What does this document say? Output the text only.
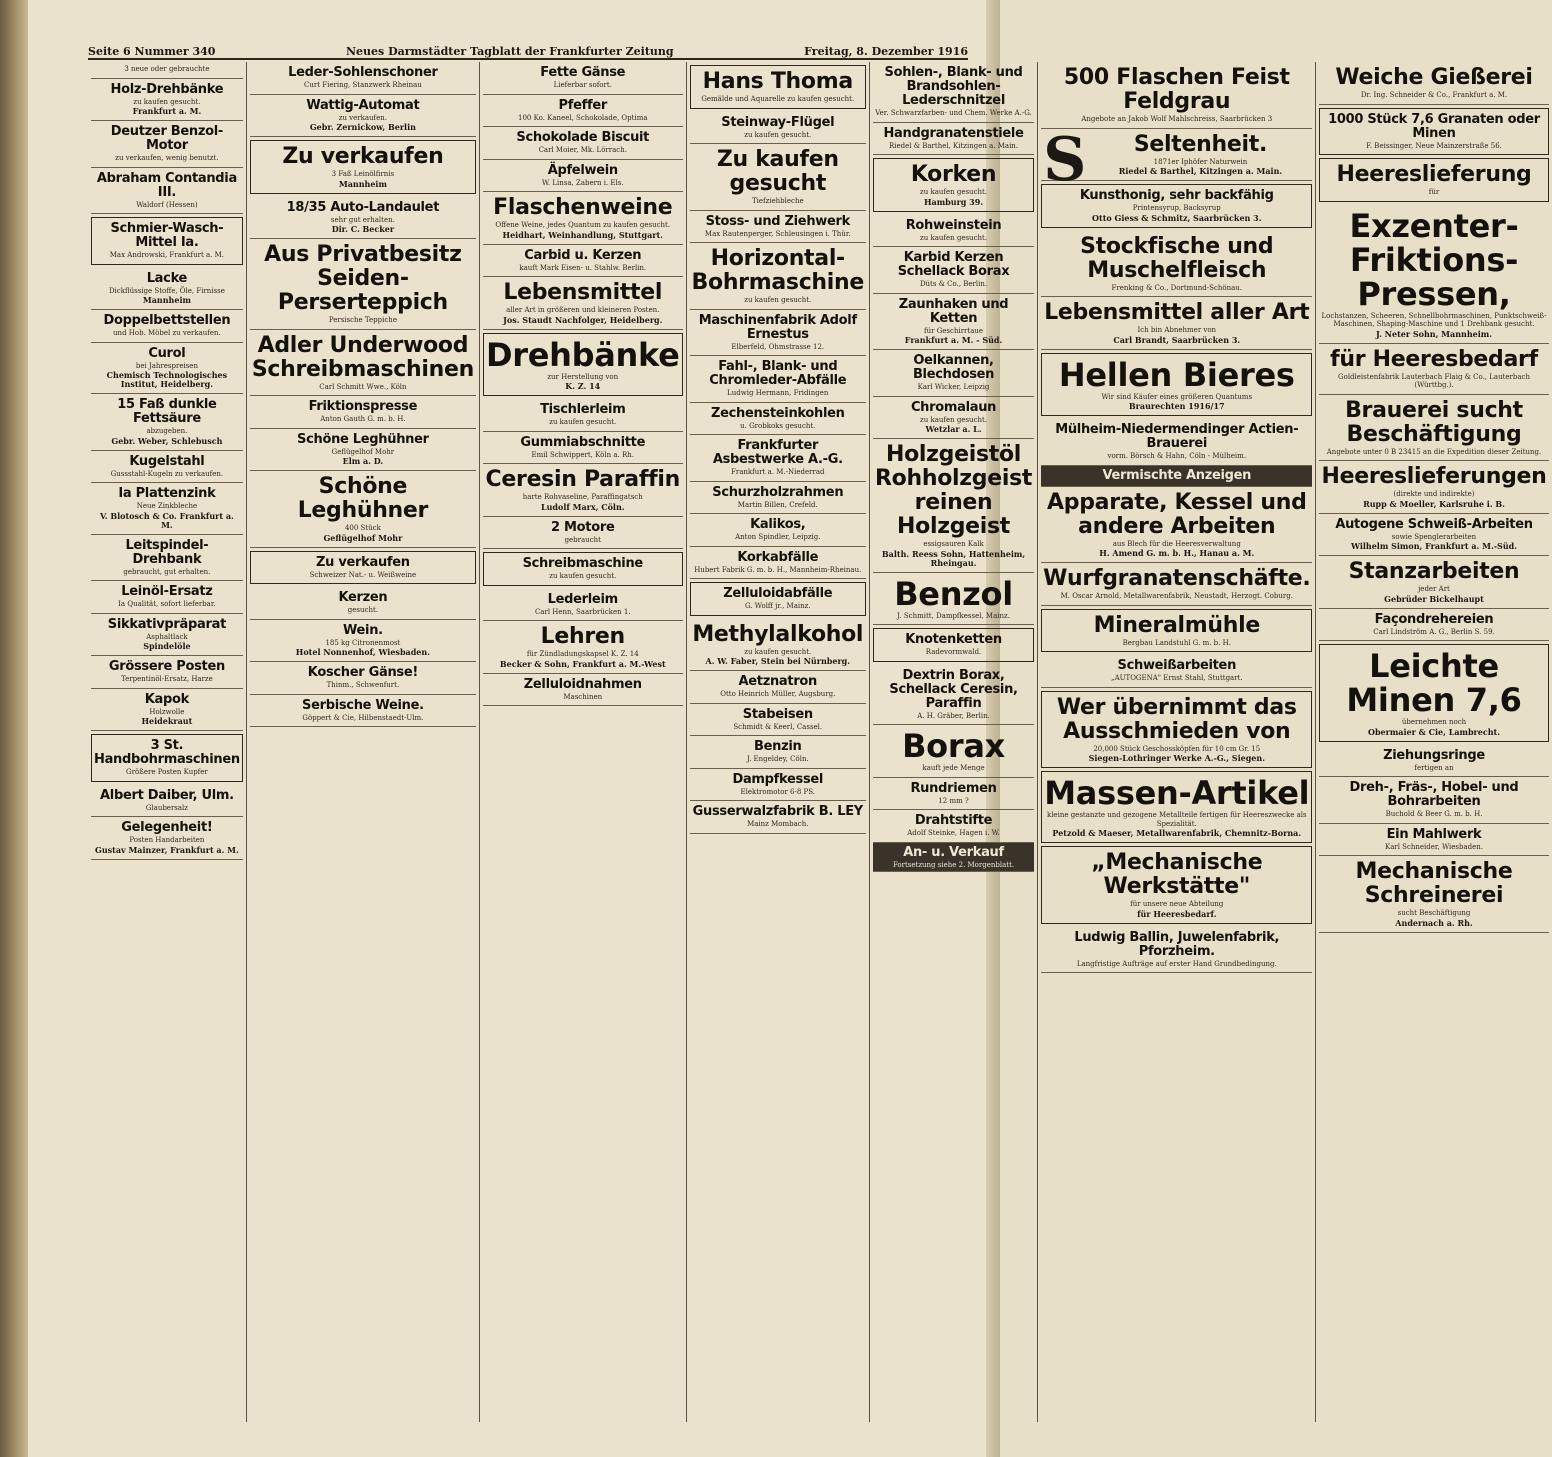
Seite 6 Nummer 340	Neues Darmstädter Tagblatt der Frankfurter Zeitung	Freitag, 8. Dezember 1916
3 neue oder gebrauchte
Holz-Drehbänke
zu kaufen gesucht.
Frankfurt a. M.
Deutzer Benzol-Motor
zu verkaufen, wenig benutzt.
Abraham Contandia III.
Waldorf (Hessen)
Schmier-Wasch-Mittel Ia.
Max Androwski, Frankfurt a. M.
Lacke
Dickflüssige Stoffe, Öle, Firnisse
Mannheim
Doppelbettstellen
und Hob. Möbel zu verkaufen.
Curol
bei Jahrespreisen
Chemisch Technologisches Institut, Heidelberg.
15 Faß dunkle Fettsäure
abzugeben.
Gebr. Weber, Schlebusch
Kugelstahl
Gussstahl-Kugeln zu verkaufen.
Ia Plattenzink
Neue Zinkbleche
V. Blotosch & Co. Frankfurt a. M.
Leitspindel-Drehbank
gebraucht, gut erhalten.
Leinöl-Ersatz
Ia Qualität, sofort lieferbar.
Sikkativpräparat
Asphaltlack
Spindelöle
Grössere Posten
Terpentinöl-Ersatz, Harze
Kapok
Holzwolle
Heidekraut
3 St. Handbohrmaschinen
Größere Posten Kupfer
Albert Daiber, Ulm.
Glaubersalz
Gelegenheit!
Posten Handarbeiten
Gustav Mainzer, Frankfurt a. M.
Leder-Sohlenschoner
Curt Fiering, Stanzwerk Rheinau
Wattig-Automat
zu verkaufen.
Gebr. Zernickow, Berlin
Zu verkaufen
3 Faß Leinölfirnis
Mannheim
18/35 Auto-Landaulet
sehr gut erhalten.
Dir. C. Becker
Aus Privatbesitz Seiden-Perserteppich
Persische Teppiche
Adler Underwood Schreibmaschinen
Carl Schmitt Wwe., Köln
Friktionspresse
Anton Gauth G. m. b. H.
Schöne Leghühner
Geflügelhof Mohr
Elm a. D.
Schöne Leghühner
400 Stück
Geflügelhof Mohr
Zu verkaufen
Schweizer Nat.- u. Weißweine
Kerzen
gesucht.
Wein.
185 kg Citronenmost
Hotel Nonnenhof, Wiesbaden.
Koscher Gänse!
Thinm., Schwenfurt.
Serbische Weine.
Göppert & Cie, Hilbenstaedt-Ulm.
Fette Gänse
Lieferbar sofort.
Pfeffer
100 Ko. Kaneel, Schokolade, Optima
Schokolade Biscuit
Carl Moier, Mk. Lörrach.
Äpfelwein
W. Linsa, Zabern i. Els.
Flaschenweine
Offene Weine, jedes Quantum zu kaufen gesucht.
Heidhart, Weinhandlung, Stuttgart.
Carbid u. Kerzen
kauft Mark Eisen- u. Stahlw. Berlin.
Lebensmittel
aller Art in größeren und kleineren Posten.
Jos. Staudt Nachfolger, Heidelberg.
Drehbänke
zur Herstellung von
K. Z. 14
Tischlerleim
zu kaufen gesucht.
Gummiabschnitte
Emil Schwippert, Köln a. Rh.
Ceresin Paraffin
harte Rohvaseline, Paraffingatsch
Ludolf Marx, Cöln.
2 Motore
gebraucht
Schreibmaschine
zu kaufen gesucht.
Lederleim
Carl Henn, Saarbrücken 1.
Lehren
für Zündladungskapsel K. Z. 14
Becker & Sohn, Frankfurt a. M.-West
Zelluloidnahmen
Maschinen
Hans Thoma
Gemälde und Aquarelle zu kaufen gesucht.
Steinway-Flügel
zu kaufen gesucht.
Zu kaufen gesucht
Tiefziehbleche
Stoss- und Ziehwerk
Max Rautenperger, Schleusingen i. Thür.
Horizontal-Bohrmaschine
zu kaufen gesucht.
Maschinenfabrik Adolf Ernestus
Elberfeld, Ohmstrasse 12.
Fahl-, Blank- und Chromleder-Abfälle
Ludwig Hermann, Fridingen
Zechensteinkohlen
u. Grobkoks gesucht.
Frankfurter Asbestwerke A.-G.
Frankfurt a. M.-Niederrad
Schurzholzrahmen
Martin Billen, Crefeld.
Kalikos,
Anton Spindler, Leipzig.
Korkabfälle
Hubert Fabrik G. m. b. H., Mannheim-Rheinau.
Zelluloidabfälle
G. Wolff jr., Mainz.
Methylalkohol
zu kaufen gesucht.
A. W. Faber, Stein bei Nürnberg.
Aetznatron
Otto Heinrich Müller, Augsburg.
Stabeisen
Schmidt & Keerl, Cassel.
Benzin
J. Engeldey, Cöln.
Dampfkessel
Elektromotor 6-8 PS.
Gusserwalzfabrik B. LEY
Mainz Mombach.
Sohlen-, Blank- und Brandsohlen-Lederschnitzel
Ver. Schwarzfarben- und Chem. Werke A.-G.
Handgranatenstiele
Riedel & Barthel, Kitzingen a. Main.
Korken
zu kaufen gesucht.
Hamburg 39.
Rohweinstein
zu kaufen gesucht.
Karbid Kerzen Schellack Borax
Düts & Co., Berlin.
Zaunhaken und Ketten
für Geschirrtaue
Frankfurt a. M. - Süd.
Oelkannen, Blechdosen
Karl Wicker, Leipzig
Chromalaun
zu kaufen gesucht.
Wetzlar a. L.
Holzgeistöl Rohholzgeist reinen Holzgeist
essigsauren Kalk
Balth. Reess Sohn, Hattenheim, Rheingau.
Benzol
J. Schmitt, Dampfkessel, Mainz.
Knotenketten
Radevormwald.
Dextrin Borax, Schellack Ceresin, Paraffin
A. H. Gräber, Berlin.
Borax
kauft jede Menge
Rundriemen
12 mm ?
Drahtstifte
Adolf Steinke, Hagen i. W.
An- u. Verkauf
Fortsetzung siehe 2. Morgenblatt.
500 Flaschen Feist Feldgrau
Angebote an Jakob Wolf Mahlschreiss, Saarbrücken 3
S	Seltenheit.
1871er Iphöfer Naturwein
Riedel & Barthel, Kitzingen a. Main.
Kunsthonig, sehr backfähig
Printensyrup, Backsyrup
Otto Giess & Schmitz, Saarbrücken 3.
Stockfische und Muschelfleisch
Frenking & Co., Dortmund-Schönau.
Lebensmittel aller Art
Ich bin Abnehmer von
Carl Brandt, Saarbrücken 3.
Hellen Bieres
Wir sind Käufer eines größeren Quantums
Braurechten 1916/17
Mülheim-Niedermendinger Actien-Brauerei
vorm. Börsch & Hahn, Cöln - Mülheim.
Vermischte Anzeigen
Apparate, Kessel und andere Arbeiten
aus Blech für die Heeresverwaltung
H. Amend G. m. b. H., Hanau a. M.
Wurfgranatenschäfte.
M. Oscar Arnold, Metallwarenfabrik, Neustadt, Herzogt. Coburg.
Mineralmühle
Bergbau Landstuhl G. m. b. H.
Schweißarbeiten
„AUTOGENA" Ernst Stahl, Stuttgart.
Wer übernimmt das Ausschmieden von
20,000 Stück Geschossköpfen für 10 cm Gr. 15
Siegen-Lothringer Werke A.-G., Siegen.
Massen-Artikel
kleine gestanzte und gezogene Metallteile fertigen für Heereszwecke als Spezialität.
Petzold & Maeser, Metallwarenfabrik, Chemnitz-Borna.
„Mechanische Werkstätte"
für unsere neue Abteilung
für Heeresbedarf.
Ludwig Ballin, Juwelenfabrik, Pforzheim.
Langfristige Aufträge auf erster Hand Grundbedingung.
Weiche Gießerei
Dr. Ing. Schneider & Co., Frankfurt a. M.
1000 Stück 7,6 Granaten oder Minen
F. Beissinger, Neue Mainzerstraße 56.
Heereslieferung
für
Exzenter-Friktions-Pressen,
Lochstanzen, Scheeren, Schnellbohrmaschinen, Punktschweiß-Maschinen, Shaping-Maschine und 1 Drehbank gesucht.
J. Neter Sohn, Mannheim.
für Heeresbedarf
Goldleistenfabrik Lauterbach Flaig & Co., Lauterbach (Württbg.).
Brauerei sucht Beschäftigung
Angebote unter 0 B 23415 an die Expedition dieser Zeitung.
Heereslieferungen
(direkte und indirekte)
Rupp & Moeller, Karlsruhe i. B.
Autogene Schweiß-Arbeiten
sowie Spenglerarbeiten
Wilhelm Simon, Frankfurt a. M.-Süd.
Stanzarbeiten
jeder Art
Gebrüder Bickelhaupt
Façondrehereien
Carl Lindström A. G., Berlin S. 59.
Leichte Minen 7,6
übernehmen noch
Obermaier & Cie, Lambrecht.
Ziehungsringe
fertigen an
Dreh-, Fräs-, Hobel- und Bohrarbeiten
Buchold & Beer G. m. b. H.
Ein Mahlwerk
Karl Schneider, Wiesbaden.
Mechanische Schreinerei
sucht Beschäftigung
Andernach a. Rh.
